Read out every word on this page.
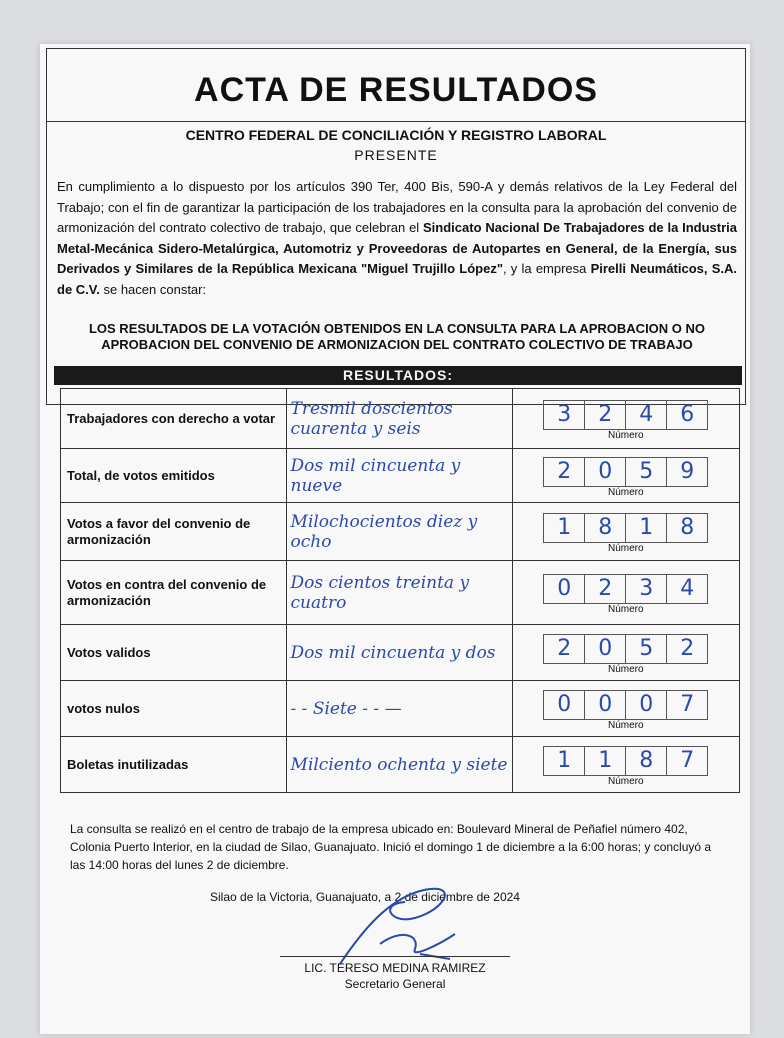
ACTA DE RESULTADOS
CENTRO FEDERAL DE CONCILIACIÓN Y REGISTRO LABORAL
PRESENTE
En cumplimiento a lo dispuesto por los artículos 390 Ter, 400 Bis, 590-A y demás relativos de la Ley Federal del Trabajo; con el fin de garantizar la participación de los trabajadores en la consulta para la aprobación del convenio de armonización del contrato colectivo de trabajo, que celebran el Sindicato Nacional De Trabajadores de la Industria Metal-Mecánica Sidero-Metalúrgica, Automotriz y Proveedoras de Autopartes en General, de la Energía, sus Derivados y Similares de la República Mexicana "Miguel Trujillo López", y la empresa Pirelli Neumáticos, S.A. de C.V. se hacen constar:
LOS RESULTADOS DE LA VOTACIÓN OBTENIDOS EN LA CONSULTA PARA LA APROBACION O NO APROBACION DEL CONVENIO DE ARMONIZACION DEL CONTRATO COLECTIVO DE TRABAJO
RESULTADOS:
Trabajadores con derecho a votar	Tresmil doscientos cuarenta y seis	3 2 4 6

Número

Total, de votos emitidos	Dos mil cincuenta y nueve	2 0 5 9

Número

Votos a favor del convenio de armonización	Milochocientos diez y ocho	1 8 1 8

Número

Votos en contra del convenio de armonización	Dos cientos treinta y cuatro	0 2 3 4

Número

Votos validos	Dos mil cincuenta y dos	2 0 5 2

Número

votos nulos	- - Siete - - —	0 0 0 7

Número

Boletas inutilizadas	Milciento ochenta y siete	1 1 8 7

Número
La consulta se realizó en el centro de trabajo de la empresa ubicado en: Boulevard Mineral de Peñafiel número 402, Colonia Puerto Interior, en la ciudad de Silao, Guanajuato. Inició el domingo 1 de diciembre a la 6:00 horas; y concluyó a las 14:00 horas del lunes 2 de diciembre.
Silao de la Victoria, Guanajuato, a 2 de diciembre de 2024
LIC. TERESO MEDINA RAMIREZ
Secretario General
